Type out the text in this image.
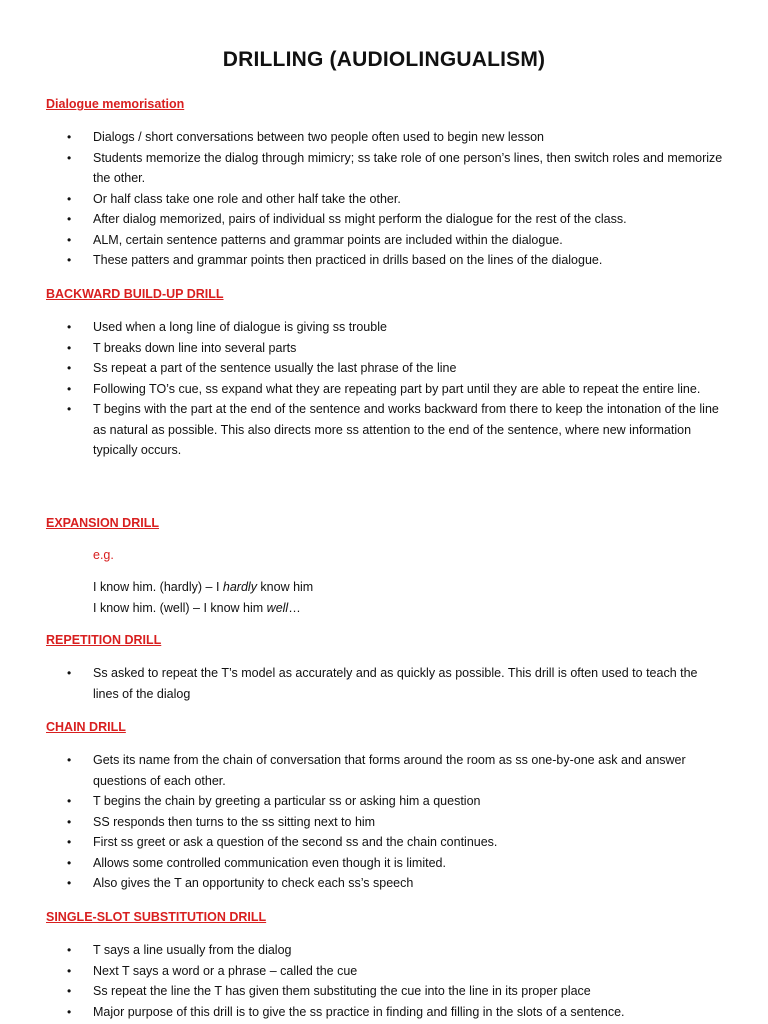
DRILLING (AUDIOLINGUALISM)

Dialogue memorisation

• Dialogs / short conversations between two people often used to begin new lesson
• Students memorize the dialog through mimicry; ss take role of one person’s lines, then switch roles and memorize the other.
• Or half class take one role and other half take the other.
• After dialog memorized, pairs of individual ss might perform the dialogue for the rest of the class.
• ALM, certain sentence patterns and grammar points are included within the dialogue.
• These patters and grammar points then practiced in drills based on the lines of the dialogue.

BACKWARD BUILD-UP DRILL

• Used when a long line of dialogue is giving ss trouble
• T breaks down line into several parts
• Ss repeat a part of the sentence usually the last phrase of the line
• Following TO’s cue, ss expand what they are repeating part by part until they are able to repeat the entire line.
• T begins with the part at the end of the sentence and works backward from there to keep the intonation of the line as natural as possible. This also directs more ss attention to the end of the sentence, where new information typically occurs.

EXPANSION DRILL

e.g.

I know him. (hardly) – I hardly know him

I know him. (well) – I know him well…

REPETITION DRILL

• Ss asked to repeat the T’s model as accurately and as quickly as possible. This drill is often used to teach the lines of the dialog

CHAIN DRILL

• Gets its name from the chain of conversation that forms around the room as ss one-by-one ask and answer questions of each other.
• T begins the chain by greeting a particular ss or asking him a question
• SS responds then turns to the ss sitting next to him
• First ss greet or ask a question of the second ss and the chain continues.
• Allows some controlled communication even though it is limited.
• Also gives the T an opportunity to check each ss’s speech

SINGLE-SLOT SUBSTITUTION DRILL

• T says a line usually from the dialog
• Next T says a word or a phrase – called the cue
• Ss repeat the line the T has given them substituting the cue into the line in its proper place
• Major purpose of this drill is to give the ss practice in finding and filling in the slots of a sentence.
